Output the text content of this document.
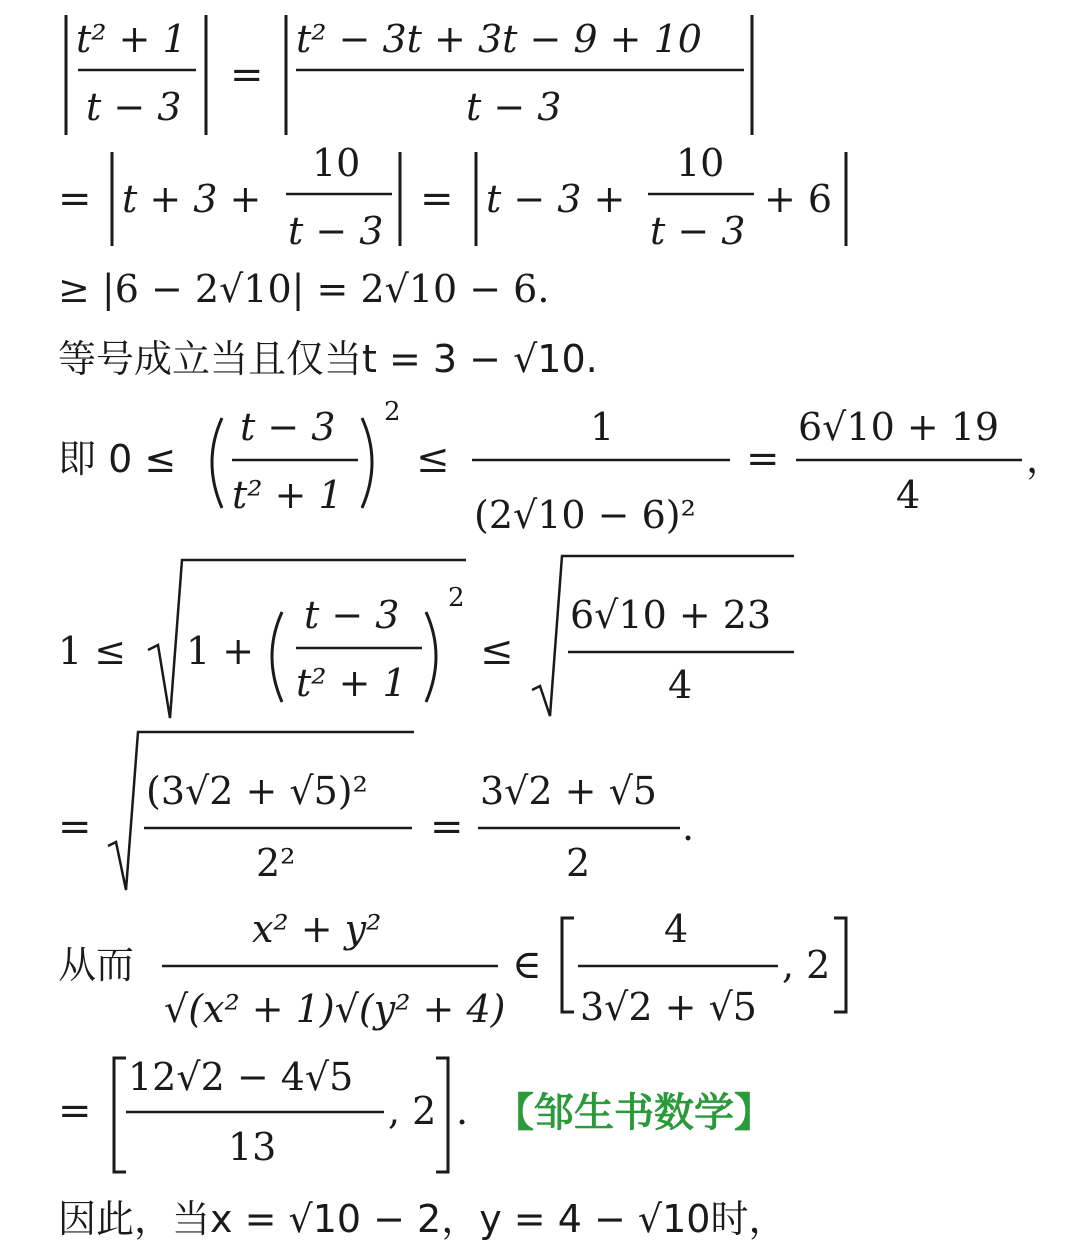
t² + 1
t − 3
=
t² − 3t + 3t − 9 + 10
t − 3
= t + 3 +
10
t − 3
= t − 3 +
10
t − 3
+ 6
≥ |6 − 2√10| = 2√10 − 6.
等号成立当且仅当t = 3 − √10.
即 0 ≤
t − 3
t² + 1
2
≤
1
(2√10 − 6)²
=
6√10 + 19
4
，
1 ≤ 1 +
t − 3
t² + 1
2
≤
6√10 + 23
4
=
(3√2 + √5)²
2²
=
3√2 + √5
2
.
从而
x² + y²
√(x² + 1)√(y² + 4)
∈
4
3√2 + √5
, 2
=
12√2 − 4√5
13
, 2 . 【邹生书数学】
因此，当x = √10 − 2，y = 4 − √10时，
